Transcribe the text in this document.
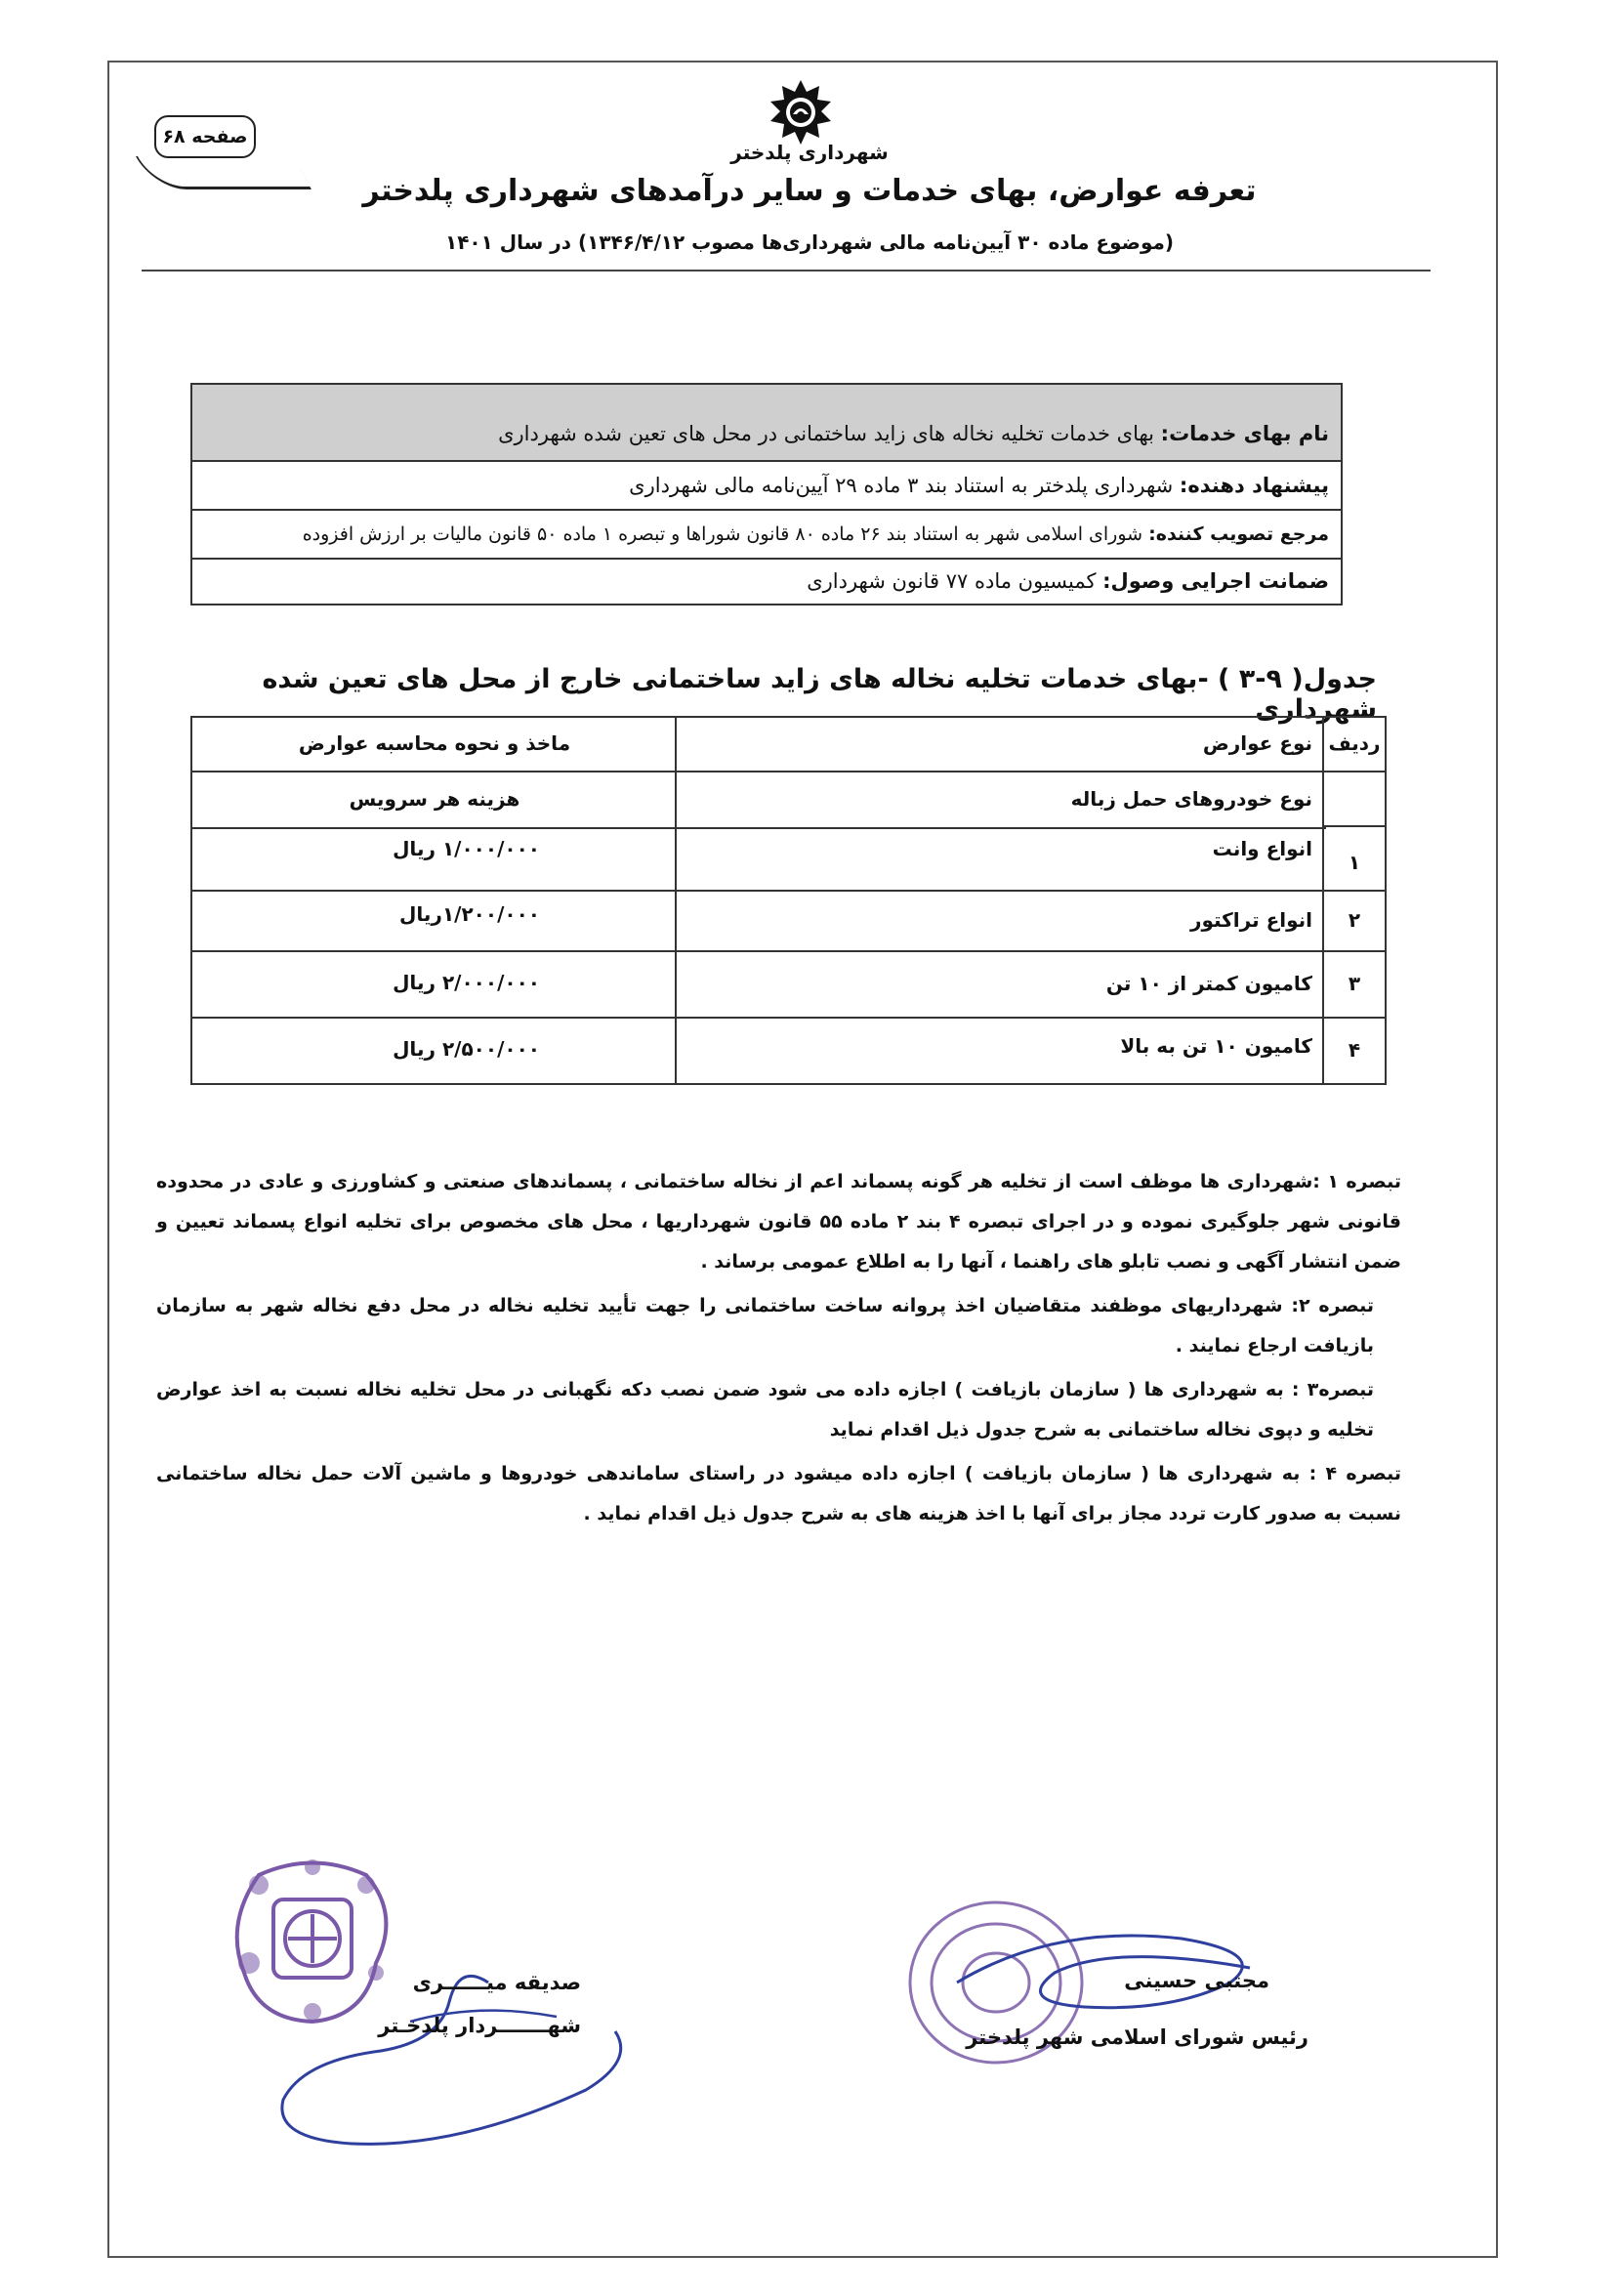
صفحه ۶۸
شهرداری پلدختر
تعرفه عوارض، بهای خدمات و سایر درآمدهای شهرداری پلدختر
(موضوع ماده ۳۰ آیین‌نامه مالی شهرداری‌ها مصوب ۱۳۴۶/۴/۱۲) در سال ۱۴۰۱
نام بهای خدمات: بهای خدمات تخلیه نخاله های زاید ساختمانی در محل های تعین شده شهرداری
پیشنهاد دهنده: شهرداری پلدختر به استناد بند ۳ ماده ۲۹ آیین‌نامه مالی شهرداری
مرجع تصویب کننده: شورای اسلامی شهر به استناد بند ۲۶ ماده ۸۰ قانون شوراها و تبصره ۱ ماده ۵۰ قانون مالیات بر ارزش افزوده
ضمانت اجرایی وصول: کمیسیون ماده ۷۷ قانون شهرداری
جدول( ۹-۳ ) -بهای خدمات تخلیه نخاله های زاید ساختمانی خارج از محل های تعین شده شهرداری
ردیف
نوع عوارض
ماخذ و نحوه محاسبه عوارض
نوع خودروهای حمل زباله
هزینه هر سرویس
۱
انواع وانت
۱/۰۰۰/۰۰۰ ریال
۲
انواع تراکتور
۱/۲۰۰/۰۰۰ریال
۳
کامیون کمتر از ۱۰ تن
۲/۰۰۰/۰۰۰ ریال
۴
کامیون ۱۰ تن به بالا
۲/۵۰۰/۰۰۰ ریال

تبصره ۱ :شهرداری ها موظف است از تخلیه هر گونه پسماند اعم از نخاله ساختمانی ، پسماندهای صنعتی و کشاورزی و عادی در محدوده قانونی شهر جلوگیری نموده و در اجرای تبصره ۴ بند ۲ ماده ۵۵ قانون شهرداریها ، محل های مخصوص برای تخلیه انواع پسماند تعیین و ضمن انتشار آگهی و نصب تابلو های راهنما ، آنها را به اطلاع عمومی برساند .

تبصره ۲: شهرداریهای موظفند متقاضیان اخذ پروانه ساخت ساختمانی را جهت تأیید تخلیه نخاله در محل دفع نخاله شهر به سازمان بازیافت ارجاع نمایند .

تبصره۳ : به شهرداری ها ( سازمان بازیافت ) اجازه داده می شود ضمن نصب دکه نگهبانی در محل تخلیه نخاله نسبت به اخذ عوارض تخلیه و دپوی نخاله ساختمانی به شرح جدول ذیل اقدام نماید

تبصره ۴ : به شهرداری ها ( سازمان بازیافت ) اجازه داده میشود در راستای ساماندهی خودروها و ماشین آلات حمل نخاله ساختمانی نسبت به صدور کارت تردد مجاز برای آنها با اخذ هزینه های به شرح جدول ذیل اقدام نماید .

صدیقه میــــــری
شهـــــــردار پلدخـتر
مجتبی حسینی
رئیس شورای اسلامی شهر پلدختر
